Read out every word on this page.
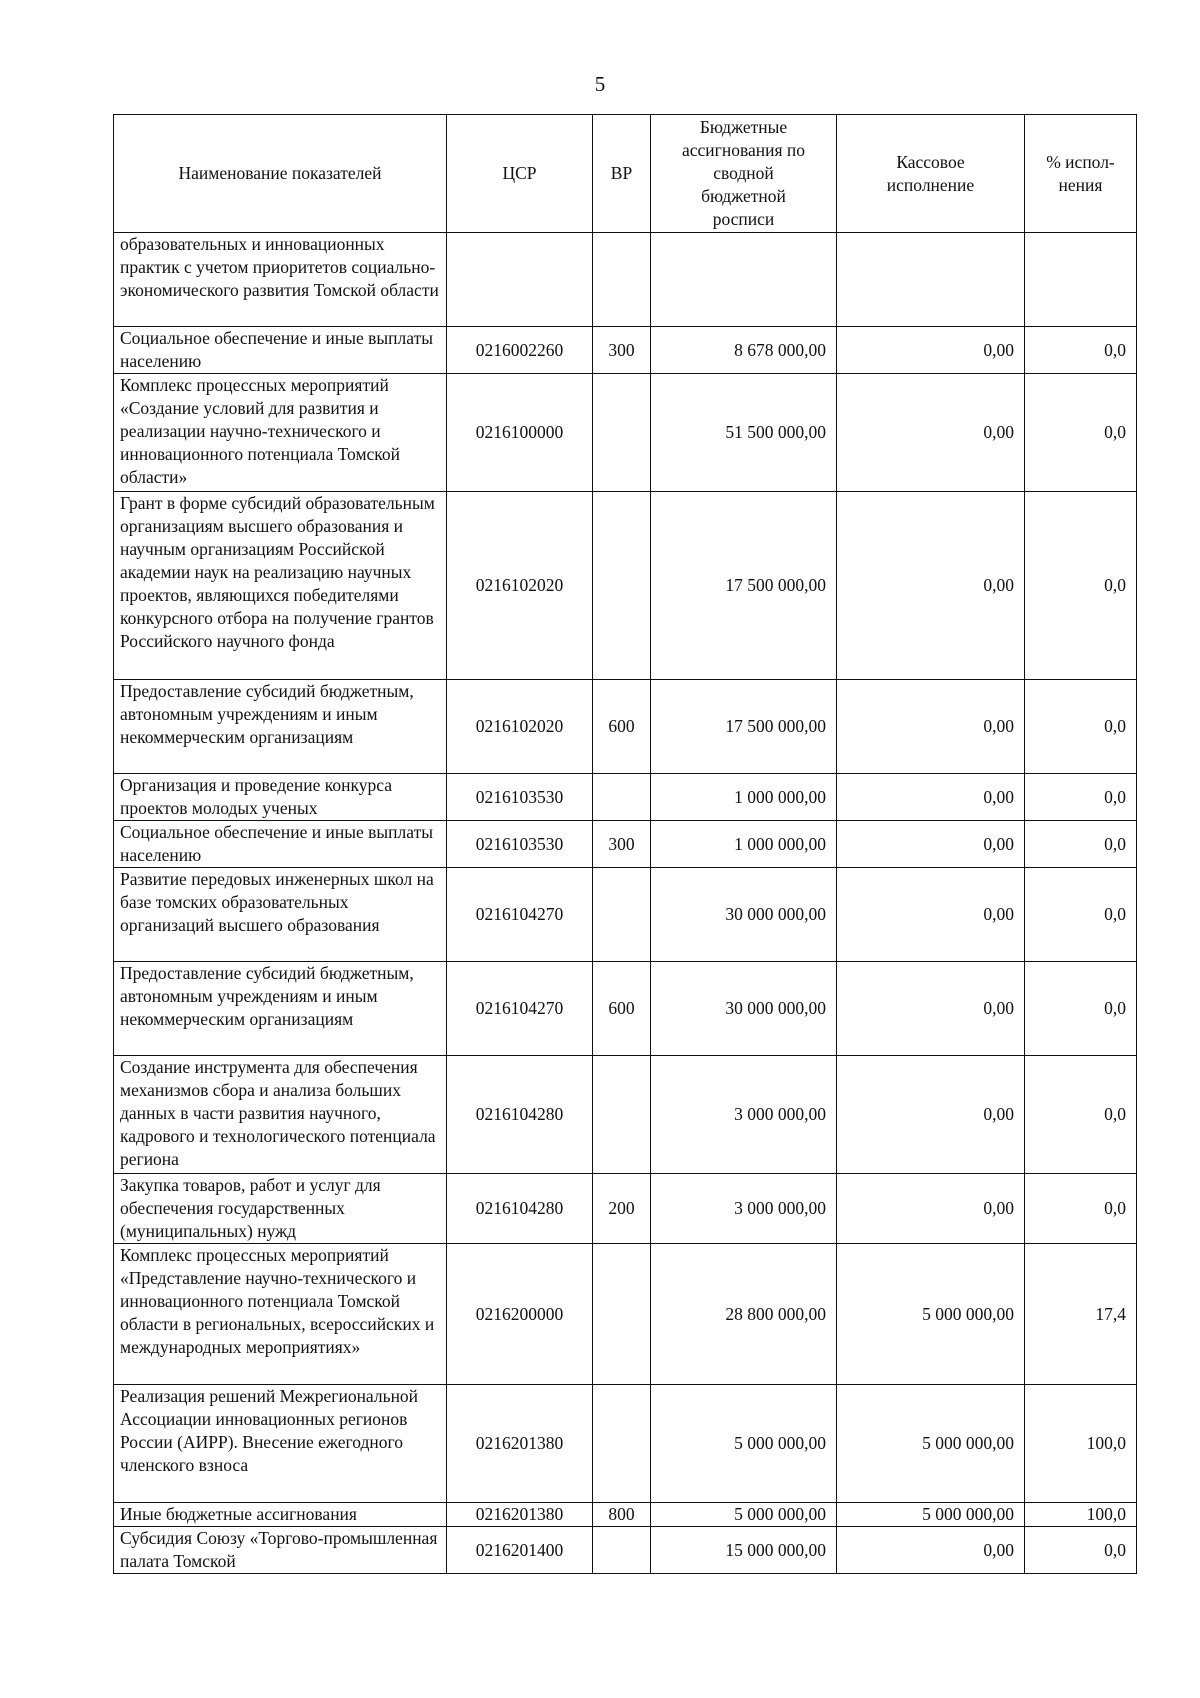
5
Наименование показателей	ЦСР	ВР	Бюджетные ассигнования по сводной бюджетной росписи	Кассовое исполнение	% испол-нения
образовательных и инновационных практик с учетом приоритетов социально-экономического развития Томской области					
Социальное обеспечение и иные выплаты населению	0216002260	300	8 678 000,00	0,00	0,0
Комплекс процессных мероприятий «Создание условий для развития и реализации научно-технического и инновационного потенциала Томской области»	0216100000		51 500 000,00	0,00	0,0
Грант в форме субсидий образовательным организациям высшего образования и научным организациям Российской академии наук на реализацию научных проектов, являющихся победителями конкурсного отбора на получение грантов Российского научного фонда	0216102020		17 500 000,00	0,00	0,0
Предоставление субсидий бюджетным, автономным учреждениям и иным некоммерческим организациям	0216102020	600	17 500 000,00	0,00	0,0
Организация и проведение конкурса проектов молодых ученых	0216103530		1 000 000,00	0,00	0,0
Социальное обеспечение и иные выплаты населению	0216103530	300	1 000 000,00	0,00	0,0
Развитие передовых инженерных школ на базе томских образовательных организаций высшего образования	0216104270		30 000 000,00	0,00	0,0
Предоставление субсидий бюджетным, автономным учреждениям и иным некоммерческим организациям	0216104270	600	30 000 000,00	0,00	0,0
Создание инструмента для обеспечения механизмов сбора и анализа больших данных в части развития научного, кадрового и технологического потенциала региона	0216104280		3 000 000,00	0,00	0,0
Закупка товаров, работ и услуг для обеспечения государственных (муниципальных) нужд	0216104280	200	3 000 000,00	0,00	0,0
Комплекс процессных мероприятий «Представление научно-технического и инновационного потенциала Томской области в региональных, всероссийских и международных мероприятиях»	0216200000		28 800 000,00	5 000 000,00	17,4
Реализация решений Межрегиональной Ассоциации инновационных регионов России (АИРР). Внесение ежегодного членского взноса	0216201380		5 000 000,00	5 000 000,00	100,0
Иные бюджетные ассигнования	0216201380	800	5 000 000,00	5 000 000,00	100,0
Субсидия Союзу «Торгово-промышленная палата Томской	0216201400		15 000 000,00	0,00	0,0
